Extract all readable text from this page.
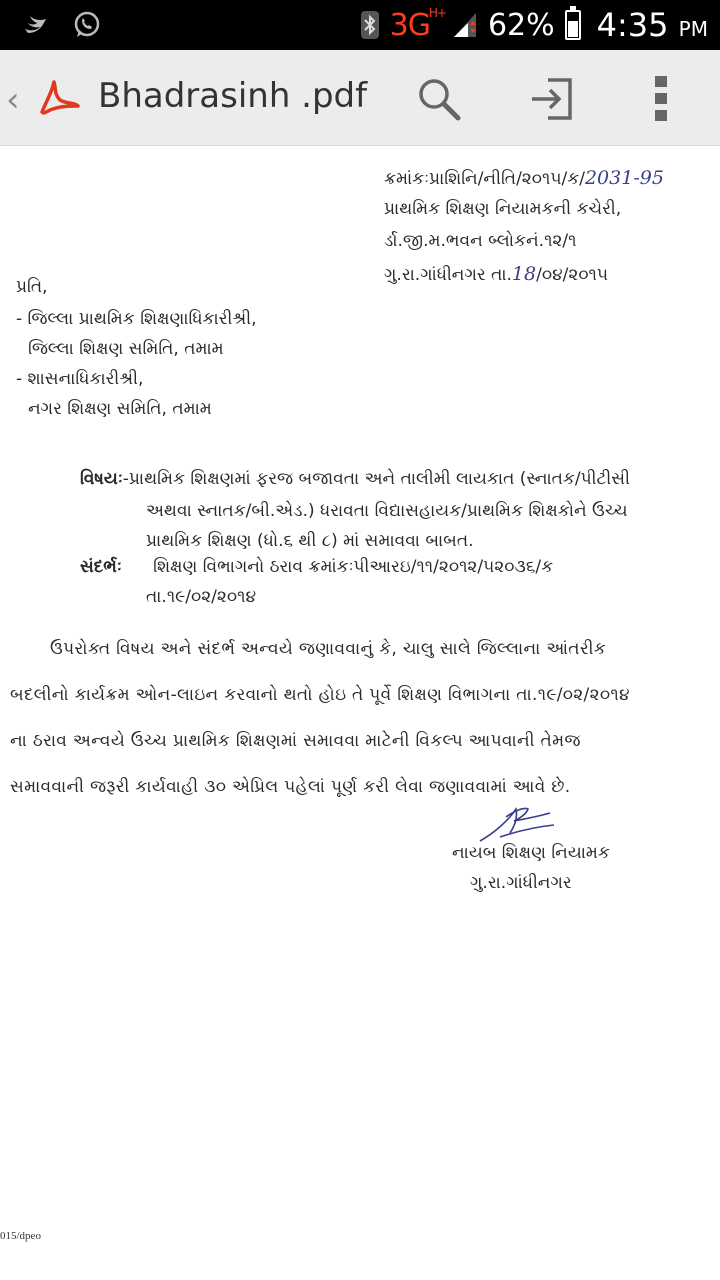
3G
H+ 62% 4:35 PM
‹ Bhadrasinh .pdf
ક્રમાંકઃપ્રાશિનિ/નીતિ/૨૦૧૫/ક/2031-95
પ્રાથમિક શિક્ષણ નિયામકની કચેરી,
ર્ડા.જી.મ.ભવન બ્લોકનં.૧૨/૧
ગુ.રા.ગાંધીનગર તા.18/૦૪/૨૦૧૫
પ્રતિ,
- જિલ્લા પ્રાથમિક શિક્ષણાધિકારીશ્રી,
જિલ્લા શિક્ષણ સમિતિ, તમામ
- શાસનાધિકારીશ્રી,
નગર શિક્ષણ સમિતિ, તમામ
વિષયઃ-પ્રાથમિક શિક્ષણમાં ફરજ બજાવતા અને તાલીમી લાયકાત (સ્નાતક/પીટીસી
અથવા સ્નાતક/બી.એડ.) ધરાવતા વિદ્યાસહાયક/પ્રાથમિક શિક્ષકોને ઉચ્ચ
પ્રાથમિક શિક્ષણ (ધો.૬ થી ૮) માં સમાવવા બાબત.
સંદર્ભઃ શિક્ષણ વિભાગનો ઠરાવ ક્રમાંકઃપીઆરઇ/૧૧/૨૦૧૨/૫૨૦૩૬/ક
તા.૧૯/૦૨/૨૦૧૪
ઉપરોક્ત વિષય અને સંદર્ભ અન્વયે જણાવવાનું કે, ચાલુ સાલે જિલ્લાના આંતરીક
બદલીનો કાર્યક્રમ ઓન-લાઇન કરવાનો થતો હોઇ તે પૂર્વે શિક્ષણ વિભાગના તા.૧૯/૦૨/૨૦૧૪
ના ઠરાવ અન્વયે ઉચ્ચ પ્રાથમિક શિક્ષણમાં સમાવવા માટેની વિકલ્પ આપવાની તેમજ
સમાવવાની જરૂરી કાર્યવાહી ૩૦ એપ્રિલ પહેલાં પૂર્ણ કરી લેવા જણાવવામાં આવે છે.
નાયબ શિક્ષણ નિયામક
ગુ.રા.ગાંધીનગર
015/dpeo
